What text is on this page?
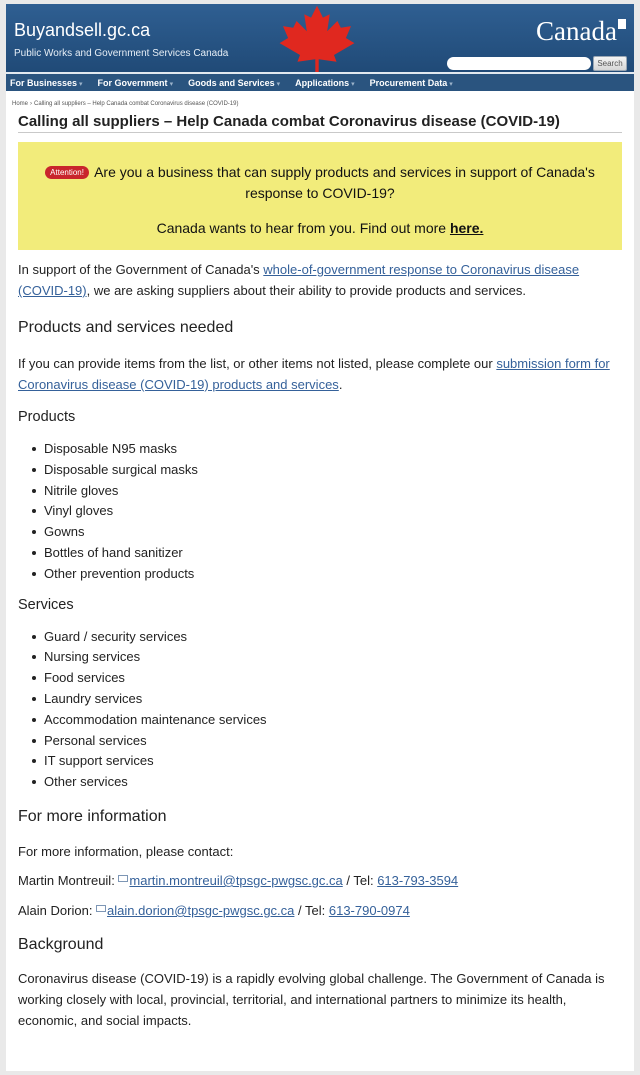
Buyandsell.gc.ca
Public Works and Government Services Canada
Canada
Search
For Businesses ▾ For Government ▾ Goods and Services ▾ Applications ▾ Procurement Data ▾
Home › Calling all suppliers – Help Canada combat Coronavirus disease (COVID-19)
Calling all suppliers – Help Canada combat Coronavirus disease (COVID-19)
Attention! Are you a business that can supply products and services in support of Canada's response to COVID-19?
Canada wants to hear from you. Find out more here.

In support of the Government of Canada's whole-of-government response to Coronavirus disease (COVID-19), we are asking suppliers about their ability to provide products and services.

Products and services needed

If you can provide items from the list, or other items not listed, please complete our submission form for Coronavirus disease (COVID-19) products and services.

Products
Disposable N95 masks
Disposable surgical masks
Nitrile gloves
Vinyl gloves
Gowns
Bottles of hand sanitizer
Other prevention products
Services
Guard / security services
Nursing services
Food services
Laundry services
Accommodation maintenance services
Personal services
IT support services
Other services
For more information

For more information, please contact:

Martin Montreuil: martin.montreuil@tpsgc-pwgsc.gc.ca / Tel: 613-793-3594

Alain Dorion: alain.dorion@tpsgc-pwgsc.gc.ca / Tel: 613-790-0974

Background

Coronavirus disease (COVID-19) is a rapidly evolving global challenge. The Government of Canada is working closely with local, provincial, territorial, and international partners to minimize its health, economic, and social impacts.
